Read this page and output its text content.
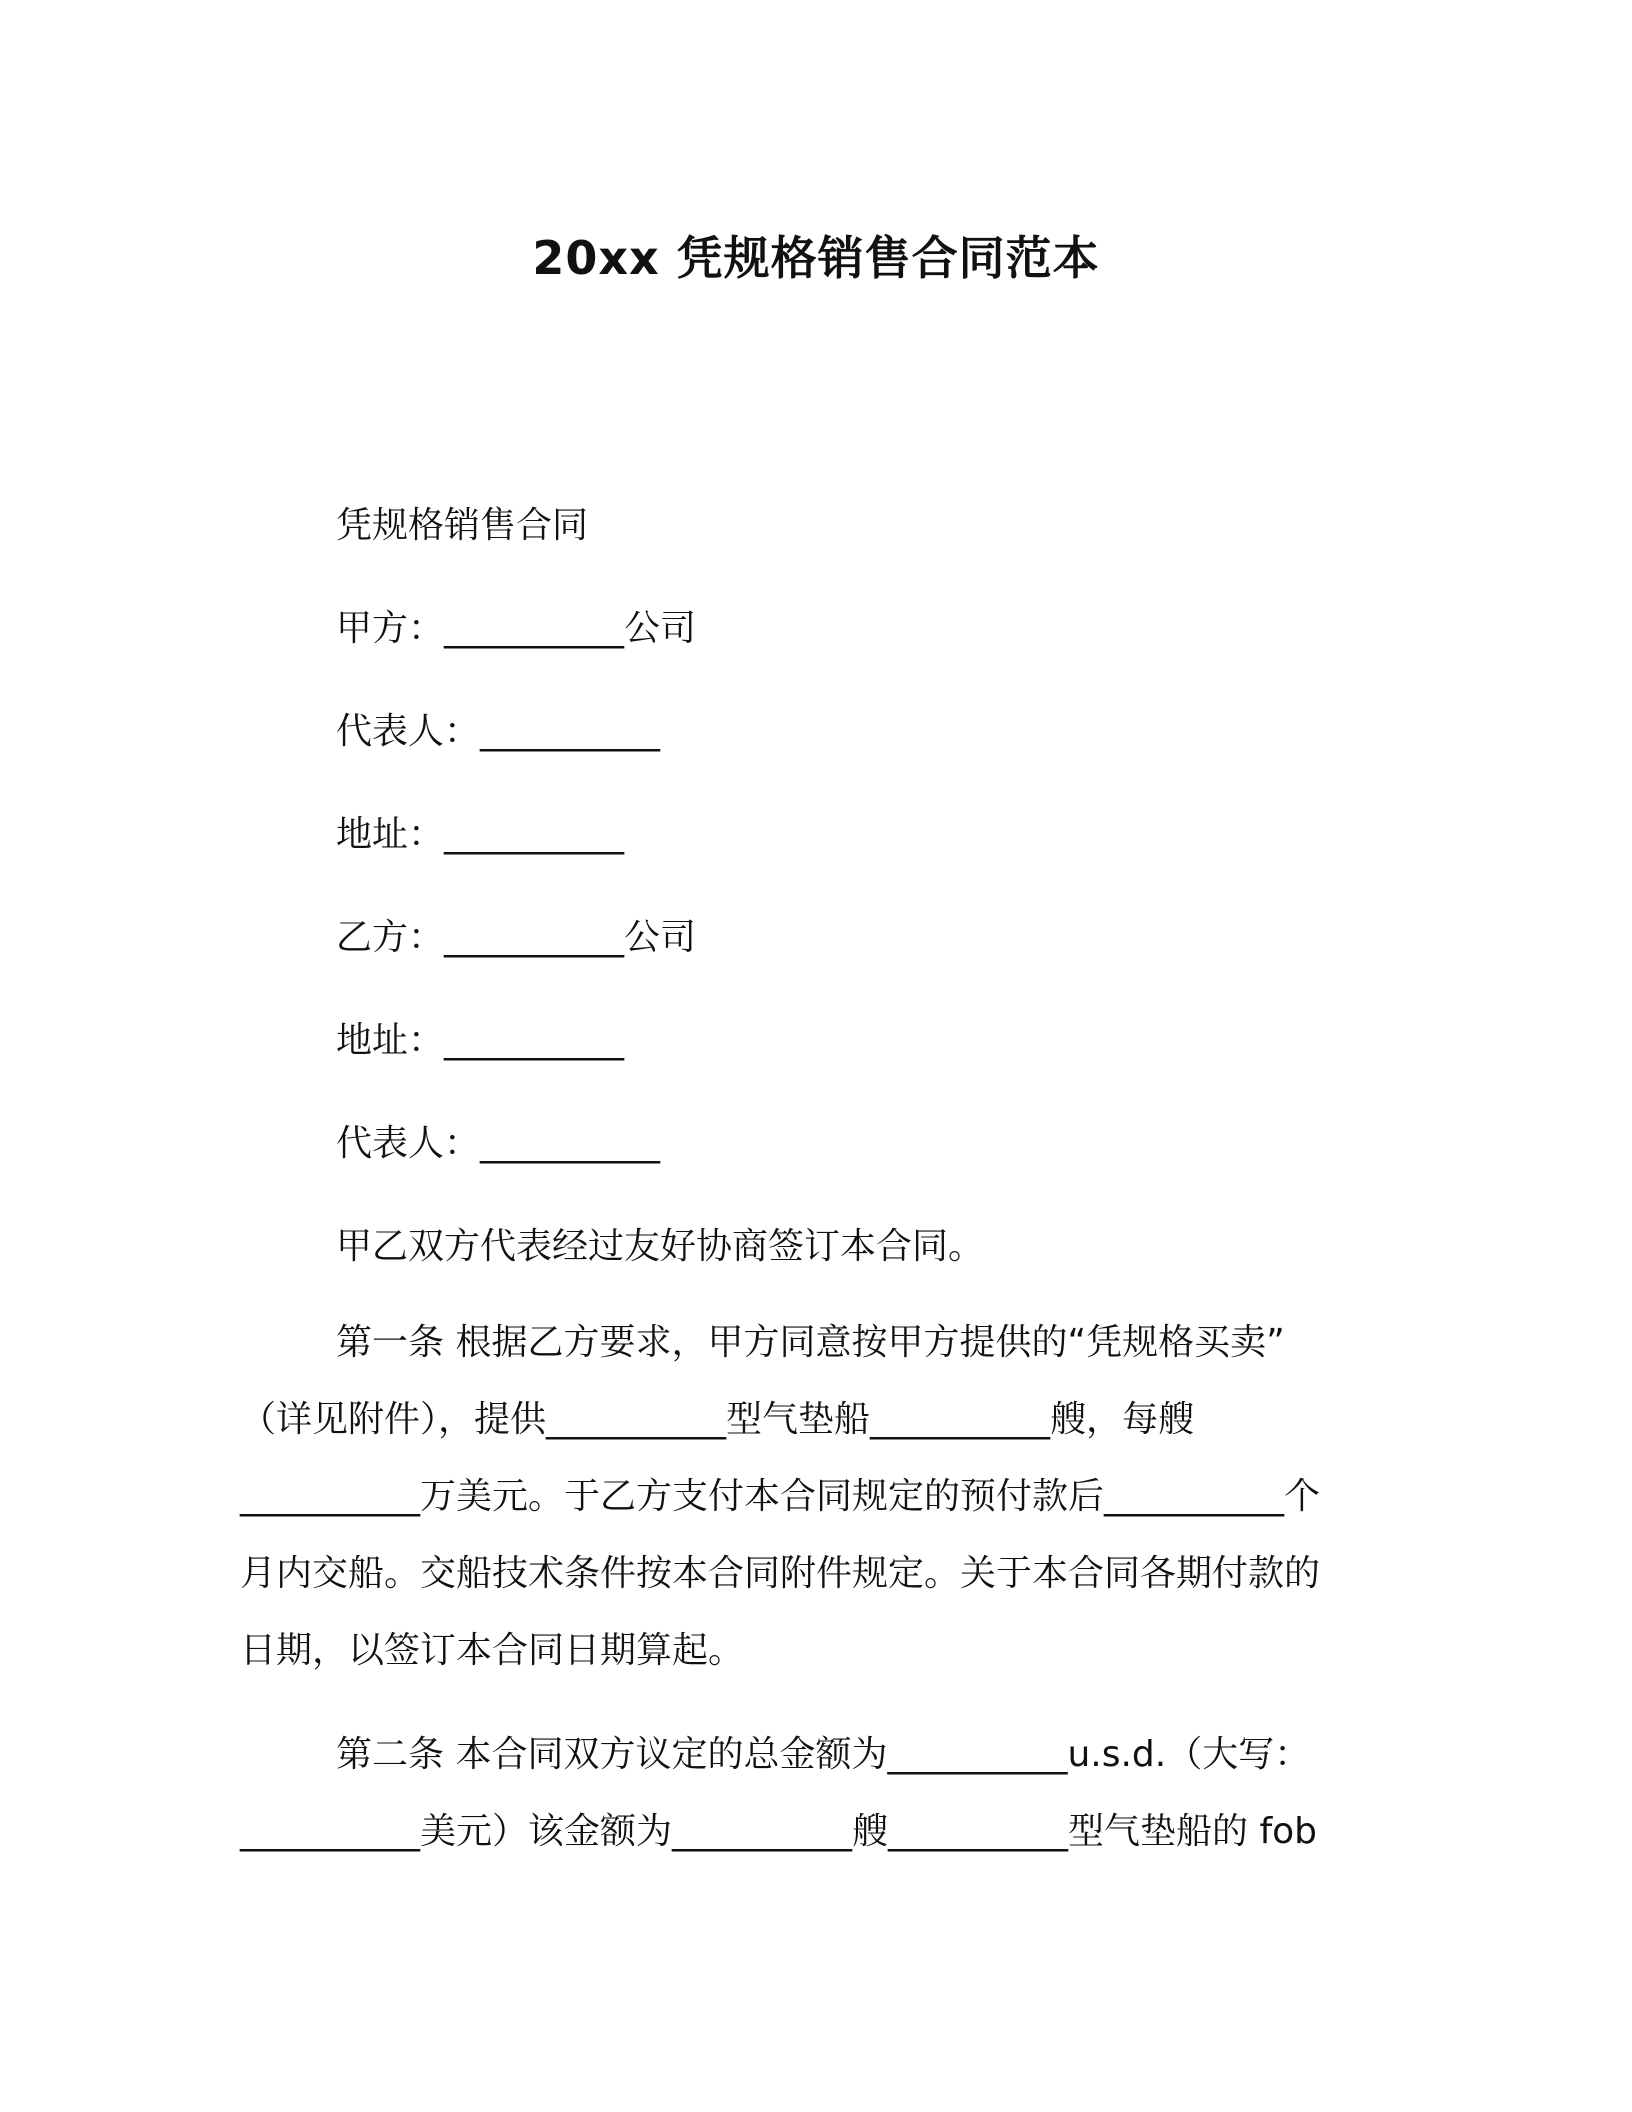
20xx 凭规格销售合同范本
凭规格销售合同
甲方：__________公司
代表人：__________
地址：__________
乙方：__________公司
地址：__________
代表人：__________
甲乙双方代表经过友好协商签订本合同。
第一条 根据乙方要求，甲方同意按甲方提供的“凭规格买卖”
（详见附件），提供__________型气垫船__________艘，每艘
__________万美元。于乙方支付本合同规定的预付款后__________个
月内交船。交船技术条件按本合同附件规定。关于本合同各期付款的
日期，以签订本合同日期算起。
第二条 本合同双方议定的总金额为__________u.s.d.（大写：
__________美元）该金额为__________艘__________型气垫船的 fob
